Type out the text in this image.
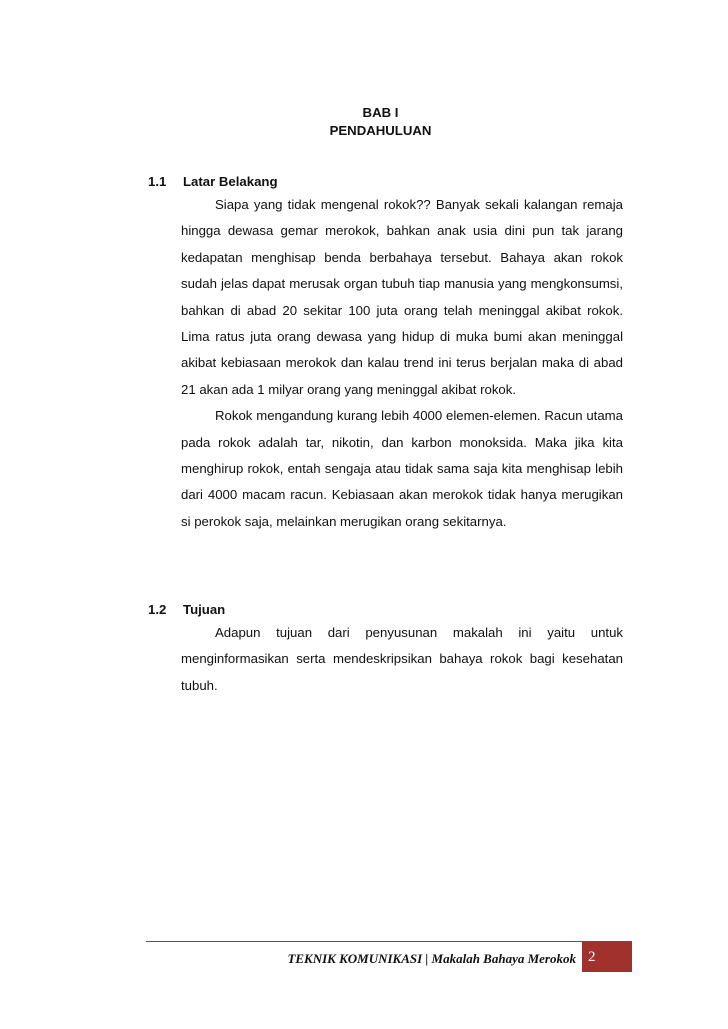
BAB I
PENDAHULUAN
1.1 Latar Belakang

Siapa yang tidak mengenal rokok?? Banyak sekali kalangan remaja hingga dewasa gemar merokok, bahkan anak usia dini pun tak jarang kedapatan menghisap benda berbahaya tersebut. Bahaya akan rokok sudah jelas dapat merusak organ tubuh tiap manusia yang mengkonsumsi, bahkan di abad 20 sekitar 100 juta orang telah meninggal akibat rokok. Lima ratus juta orang dewasa yang hidup di muka bumi akan meninggal akibat kebiasaan merokok dan kalau trend ini terus berjalan maka di abad 21 akan ada 1 milyar orang yang meninggal akibat rokok.

Rokok mengandung kurang lebih 4000 elemen-elemen. Racun utama pada rokok adalah tar, nikotin, dan karbon monoksida. Maka jika kita menghirup rokok, entah sengaja atau tidak sama saja kita menghisap lebih dari 4000 macam racun. Kebiasaan akan merokok tidak hanya merugikan si perokok saja, melainkan merugikan orang sekitarnya.

1.2 Tujuan

Adapun tujuan dari penyusunan makalah ini yaitu untuk menginformasikan serta mendeskripsikan bahaya rokok bagi kesehatan tubuh.

TEKNIK KOMUNIKASI | Makalah Bahaya Merokok 2
